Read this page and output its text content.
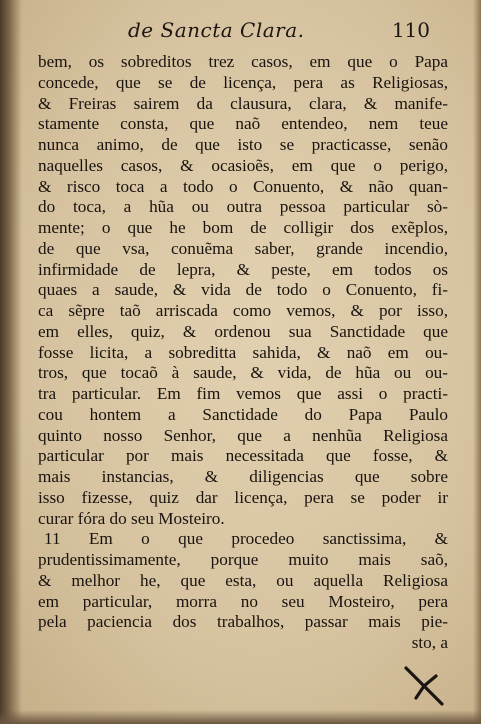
de Sancta Clara.	110
bem, os sobreditos trez casos, em que o Papa
concede, que se de licença, pera as Religiosas,
& Freiras sairem da clausura, clara, & manife-
stamente consta, que naõ entendeo, nem teue
nunca animo, de que isto se practicasse, senão
naquelles casos, & ocasioẽs, em que o perigo,
& risco toca a todo o Conuento, & não quan-
do toca, a hũa ou outra pessoa particular sò-
mente; o que he bom de colligir dos exẽplos,
de que vsa, conuẽma saber, grande incendio,
infirmidade de lepra, & peste, em todos os
quaes a saude, & vida de todo o Conuento, fi-
ca sẽpre taõ arriscada como vemos, & por isso,
em elles, quiz, & ordenou sua Sanctidade que
fosse licita, a sobreditta sahida, & naõ em ou-
tros, que tocaõ à saude, & vida, de hũa ou ou-
tra particular. Em fim vemos que assi o practi-
cou hontem a Sanctidade do Papa Paulo
quinto nosso Senhor, que a nenhũa Religiosa
particular por mais necessitada que fosse, &
mais instancias, & diligencias que sobre
isso fizesse, quiz dar licença, pera se poder ir
curar fóra do seu Mosteiro.
11 Em o que procedeo sanctissima, &
prudentissimamente, porque muito mais saõ,
& melhor he, que esta, ou aquella Religiosa
em particular, morra no seu Mosteiro, pera
pela paciencia dos trabalhos, passar mais pie-
sto, a
